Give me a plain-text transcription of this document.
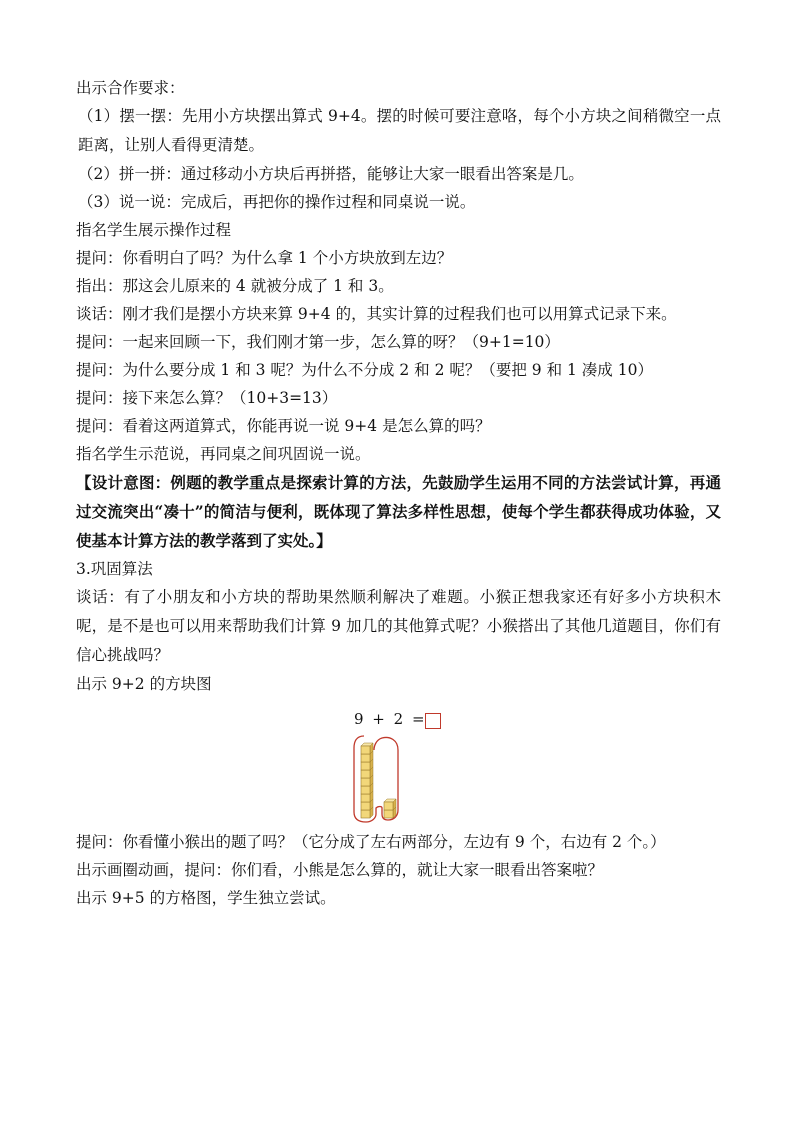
出示合作要求：
（1）摆一摆：先用小方块摆出算式 9+4。摆的时候可要注意咯，每个小方块之间稍微空一点距离，让别人看得更清楚。
（2）拼一拼：通过移动小方块后再拼搭，能够让大家一眼看出答案是几。
（3）说一说：完成后，再把你的操作过程和同桌说一说。
指名学生展示操作过程
提问：你看明白了吗？为什么拿 1 个小方块放到左边？
指出：那这会儿原来的 4 就被分成了 1 和 3。
谈话：刚才我们是摆小方块来算 9+4 的，其实计算的过程我们也可以用算式记录下来。
提问：一起来回顾一下，我们刚才第一步，怎么算的呀？（9+1=10）
提问：为什么要分成 1 和 3 呢？为什么不分成 2 和 2 呢？（要把 9 和 1 凑成 10）
提问：接下来怎么算？（10+3=13）
提问：看着这两道算式，你能再说一说 9+4 是怎么算的吗？
指名学生示范说，再同桌之间巩固说一说。
【设计意图：例题的教学重点是探索计算的方法，先鼓励学生运用不同的方法尝试计算，再通过交流突出“凑十”的简洁与便利，既体现了算法多样性思想，使每个学生都获得成功体验，又使基本计算方法的教学落到了实处。】
3.巩固算法
谈话：有了小朋友和小方块的帮助果然顺利解决了难题。小猴正想我家还有好多小方块积木呢，是不是也可以用来帮助我们计算 9 加几的其他算式呢？小猴搭出了其他几道题目，你们有信心挑战吗？
出示 9+2 的方块图
9 + 2 =
提问：你看懂小猴出的题了吗？（它分成了左右两部分，左边有 9 个，右边有 2 个。）
出示画圈动画，提问：你们看，小熊是怎么算的，就让大家一眼看出答案啦？
出示 9+5 的方格图，学生独立尝试。
